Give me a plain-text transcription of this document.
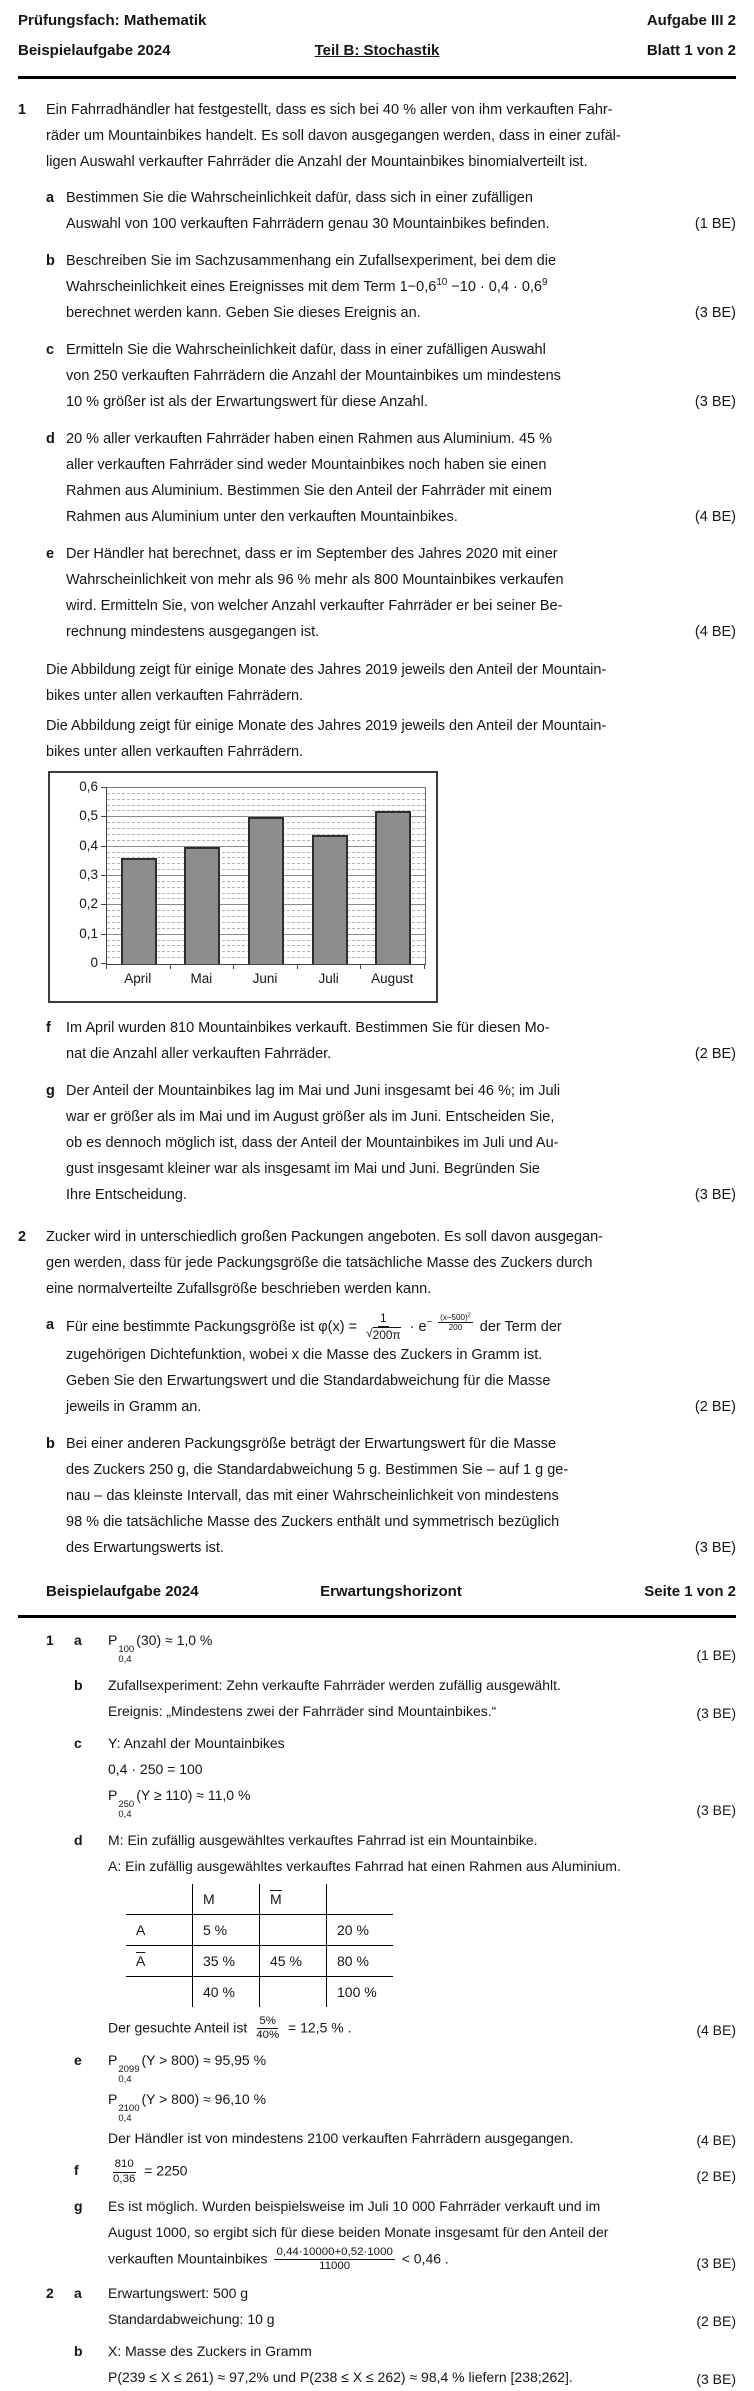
Prüfungsfach: Mathematik	Aufgabe III 2
Beispielaufgabe 2024	Teil B: Stochastik	Blatt 1 von 2
1	Ein Fahrradhändler hat festgestellt, dass es sich bei 40 % aller von ihm verkauften Fahr-
räder um Mountainbikes handelt. Es soll davon ausgegangen werden, dass in einer zufäl-
ligen Auswahl verkaufter Fahrräder die Anzahl der Mountainbikes binomialverteilt ist.
a Bestimmen Sie die Wahrscheinlichkeit dafür, dass sich in einer zufälligen
Auswahl von 100 verkauften Fahrrädern genau 30 Mountainbikes befinden.	(1 BE)
b Beschreiben Sie im Sachzusammenhang ein Zufallsexperiment, bei dem die
Wahrscheinlichkeit eines Ereignisses mit dem Term $1-0,6^{10} -10 \cdot 0,4 \cdot 0,6^9$
berechnet werden kann. Geben Sie dieses Ereignis an.	(3 BE)
c Ermitteln Sie die Wahrscheinlichkeit dafür, dass in einer zufälligen Auswahl
von 250 verkauften Fahrrädern die Anzahl der Mountainbikes um mindestens
10 % größer ist als der Erwartungswert für diese Anzahl.	(3 BE)
d 20 % aller verkauften Fahrräder haben einen Rahmen aus Aluminium. 45 %
aller verkauften Fahrräder sind weder Mountainbikes noch haben sie einen
Rahmen aus Aluminium. Bestimmen Sie den Anteil der Fahrräder mit einem
Rahmen aus Aluminium unter den verkauften Mountainbikes.	(4 BE)
e Der Händler hat berechnet, dass er im September des Jahres 2020 mit einer
Wahrscheinlichkeit von mehr als 96 % mehr als 800 Mountainbikes verkaufen
wird. Ermitteln Sie, von welcher Anzahl verkaufter Fahrräder er bei seiner Be-
rechnung mindestens ausgegangen ist.	(4 BE)
Die Abbildung zeigt für einige Monate des Jahres 2019 jeweils den Anteil der Mountain-
bikes unter allen verkauften Fahrrädern.
Die Abbildung zeigt für einige Monate des Jahres 2019 jeweils den Anteil der Mountain-
bikes unter allen verkauften Fahrrädern.
0
0,1
0,2
0,3
0,4
0,5
0,6
April	Mai	Juni	Juli	August
f	Im April wurden 810 Mountainbikes verkauft. Bestimmen Sie für diesen Mo-
nat die Anzahl aller verkauften Fahrräder.	(2 BE)
g Der Anteil der Mountainbikes lag im Mai und Juni insgesamt bei 46 %; im Juli
war er größer als im Mai und im August größer als im Juni. Entscheiden Sie,
ob es dennoch möglich ist, dass der Anteil der Mountainbikes im Juli und Au-
gust insgesamt kleiner war als insgesamt im Mai und Juni. Begründen Sie
Ihre Entscheidung.	(3 BE)
2	Zucker wird in unterschiedlich großen Packungen angeboten. Es soll davon ausgegan-
gen werden, dass für jede Packungsgröße die tatsächliche Masse des Zuckers durch
eine normalverteilte Zufallsgröße beschrieben werden kann.
a Für eine bestimmte Packungsgröße ist $\varphi(x) = \frac{1}{√ 200\pi} \cdot e^{- \frac{(x-500)^2}{200}}$ der Term der
zugehörigen Dichtefunktion, wobei x die Masse des Zuckers in Gramm ist.
Geben Sie den Erwartungswert und die Standardabweichung für die Masse
jeweils in Gramm an.	(2 BE)
b Bei einer anderen Packungsgröße beträgt der Erwartungswert für die Masse
des Zuckers 250 g, die Standardabweichung 5 g. Bestimmen Sie – auf 1 g ge-
nau – das kleinste Intervall, das mit einer Wahrscheinlichkeit von mindestens
98 % die tatsächliche Masse des Zuckers enthält und symmetrisch bezüglich
des Erwartungswerts ist.	(3 BE)
Beispielaufgabe 2024	Erwartungshorizont	Seite 1 von 2
1	a	P
100
0,4
(30) ≈ 1,0 %
(1 BE)
b	Zufallsexperiment: Zehn verkaufte Fahrräder werden zufällig ausgewählt.
Ereignis: „Mindestens zwei der Fahrräder sind Mountainbikes.“	(3 BE)
c	Y: Anzahl der Mountainbikes
0,4 · 250 = 100
P
250
0,4
(Y ≥ 110) ≈ 11,0 %
(3 BE)
d	M: Ein zufällig ausgewähltes verkauftes Fahrrad ist ein Mountainbike.
A: Ein zufällig ausgewähltes verkauftes Fahrrad hat einen Rahmen aus Aluminium.
	M	$\overline{M}$	
A	5 %		20 %
$\overline{A}$	35 %	45 %	80 %
	40 %		100 %
Der gesuchte Anteil ist $\frac{5\%}{40\%} = 12,5$ % .	(4 BE)
e	P
2099
0,4
(Y > 800) ≈ 95,95 %
P
2100
0,4
(Y > 800) ≈ 96,10 %
Der Händler ist von mindestens 2100 verkauften Fahrrädern ausgegangen.	(4 BE)
f	$\frac{810}{0,36} = 2250$	(2 BE)
g	Es ist möglich. Wurden beispielsweise im Juli 10 000 Fahrräder verkauft und im
August 1000, so ergibt sich für diese beiden Monate insgesamt für den Anteil der
verkauften Mountainbikes $\frac{0,44\cdot 10000+0,52\cdot 1000}{11000} < 0,46$ .	(3 BE)
2	a	Erwartungswert: 500 g
Standardabweichung: 10 g	(2 BE)
b	X: Masse des Zuckers in Gramm
P(239 ≤ X ≤ 261) ≈ 97,2% und P(238 ≤ X ≤ 262) ≈ 98,4 % liefern [238;262].	(3 BE)
